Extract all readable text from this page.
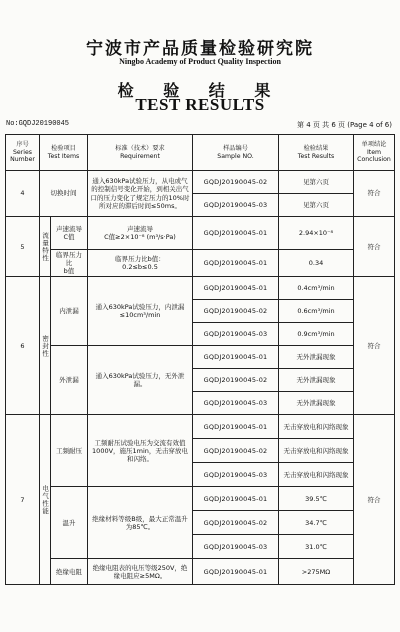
宁波市产品质量检验研究院
Ningbo Academy of Product Quality Inspection
检 验 结 果
TEST RESULTS
No:GQDJ20190045	第 4 页 共 6 页 (Page 4 of 6)
序号
Series
Number	检验项目
Test Items		标准（技术）要求
Requirement	样品编号
Sample NO.	检验结果
Test Results	单项结论
Item
Conclusion
4	切换时间		通入630kPa试验压力，从电或气的控制信号变化开始，到相关出气口的压力变化了规定压力的10%时所对应的滞后时间≤50ms。	GQDJ20190045-02	见第六页	符合
				GQDJ20190045-03	见第六页	
5	流量特性	声速流导
C值	声速流导
C值≥2×10⁻⁸ (m³/s·Pa)	GQDJ20190045-01	2.94×10⁻⁸	符合
		临界压力比
b值	临界压力比b值：
0.2≤b≤0.5	GQDJ20190045-01	0.34	
6	密封性	内泄漏	通入630kPa试验压力，内泄漏≤10cm³/min	GQDJ20190045-01	0.4cm³/min	符合
				GQDJ20190045-02	0.6cm³/min	
				GQDJ20190045-03	0.9cm³/min	
		外泄漏	通入630kPa试验压力，无外泄漏。	GQDJ20190045-01	无外泄漏现象	
				GQDJ20190045-02	无外泄漏现象	
				GQDJ20190045-03	无外泄漏现象	
7	电气性能	工频耐压	工频耐压试验电压为交流有效值1000V，施压1min，无击穿放电和闪络。	GQDJ20190045-01	无击穿放电和闪络现象	符合
				GQDJ20190045-02	无击穿放电和闪络现象	
				GQDJ20190045-03	无击穿放电和闪络现象	
		温升	绝缘材料等级B级，最大正常温升为85℃。	GQDJ20190045-01	39.5℃	
				GQDJ20190045-02	34.7℃	
				GQDJ20190045-03	31.0℃	
		绝缘电阻	绝缘电阻表的电压等级250V，绝缘电阻应≥5MΩ。	GQDJ20190045-01	>275MΩ	
